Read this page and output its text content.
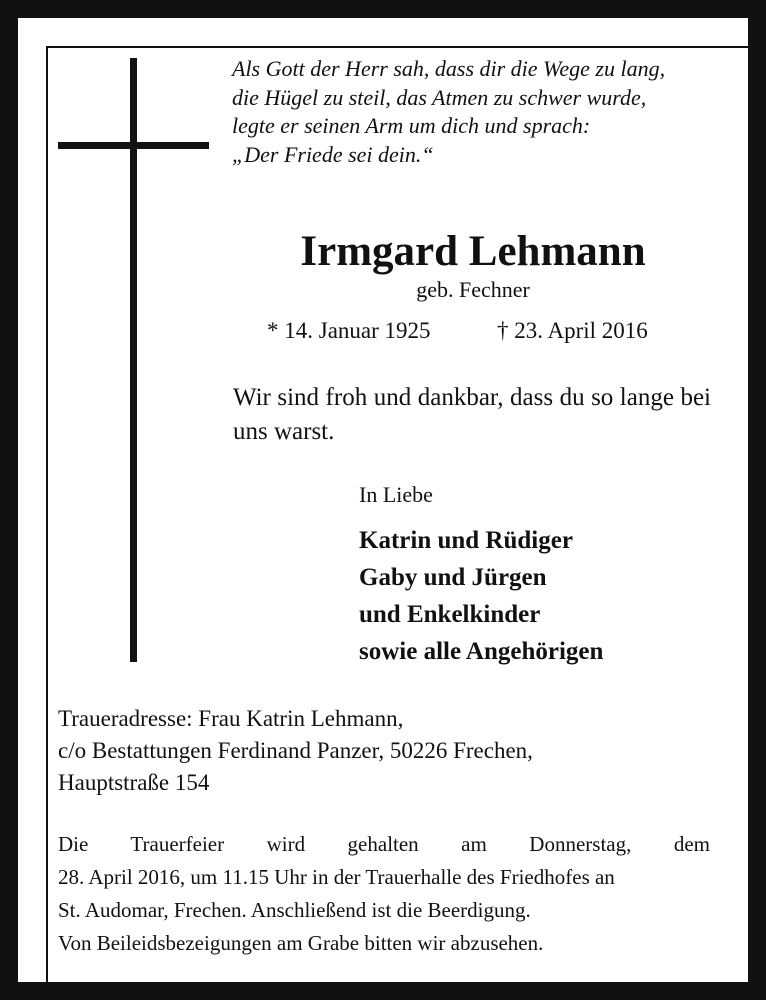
Als Gott der Herr sah, dass dir die Wege zu lang,
die Hügel zu steil, das Atmen zu schwer wurde,
legte er seinen Arm um dich und sprach:
„Der Friede sei dein.“
Irmgard Lehmann
geb. Fechner
* 14. Januar 1925	† 23. April 2016
Wir sind froh und dankbar, dass du so lange bei uns warst.
In Liebe
Katrin und Rüdiger
Gaby und Jürgen
und Enkelkinder
sowie alle Angehörigen
Traueradresse: Frau Katrin Lehmann,
c/o Bestattungen Ferdinand Panzer, 50226 Frechen,
Hauptstraße 154
Die Trauerfeier wird gehalten am Donnerstag, dem
28. April 2016, um 11.15 Uhr in der Trauerhalle des Friedhofes an
St. Audomar, Frechen. Anschließend ist die Beerdigung.
Von Beileidsbezeigungen am Grabe bitten wir abzusehen.
